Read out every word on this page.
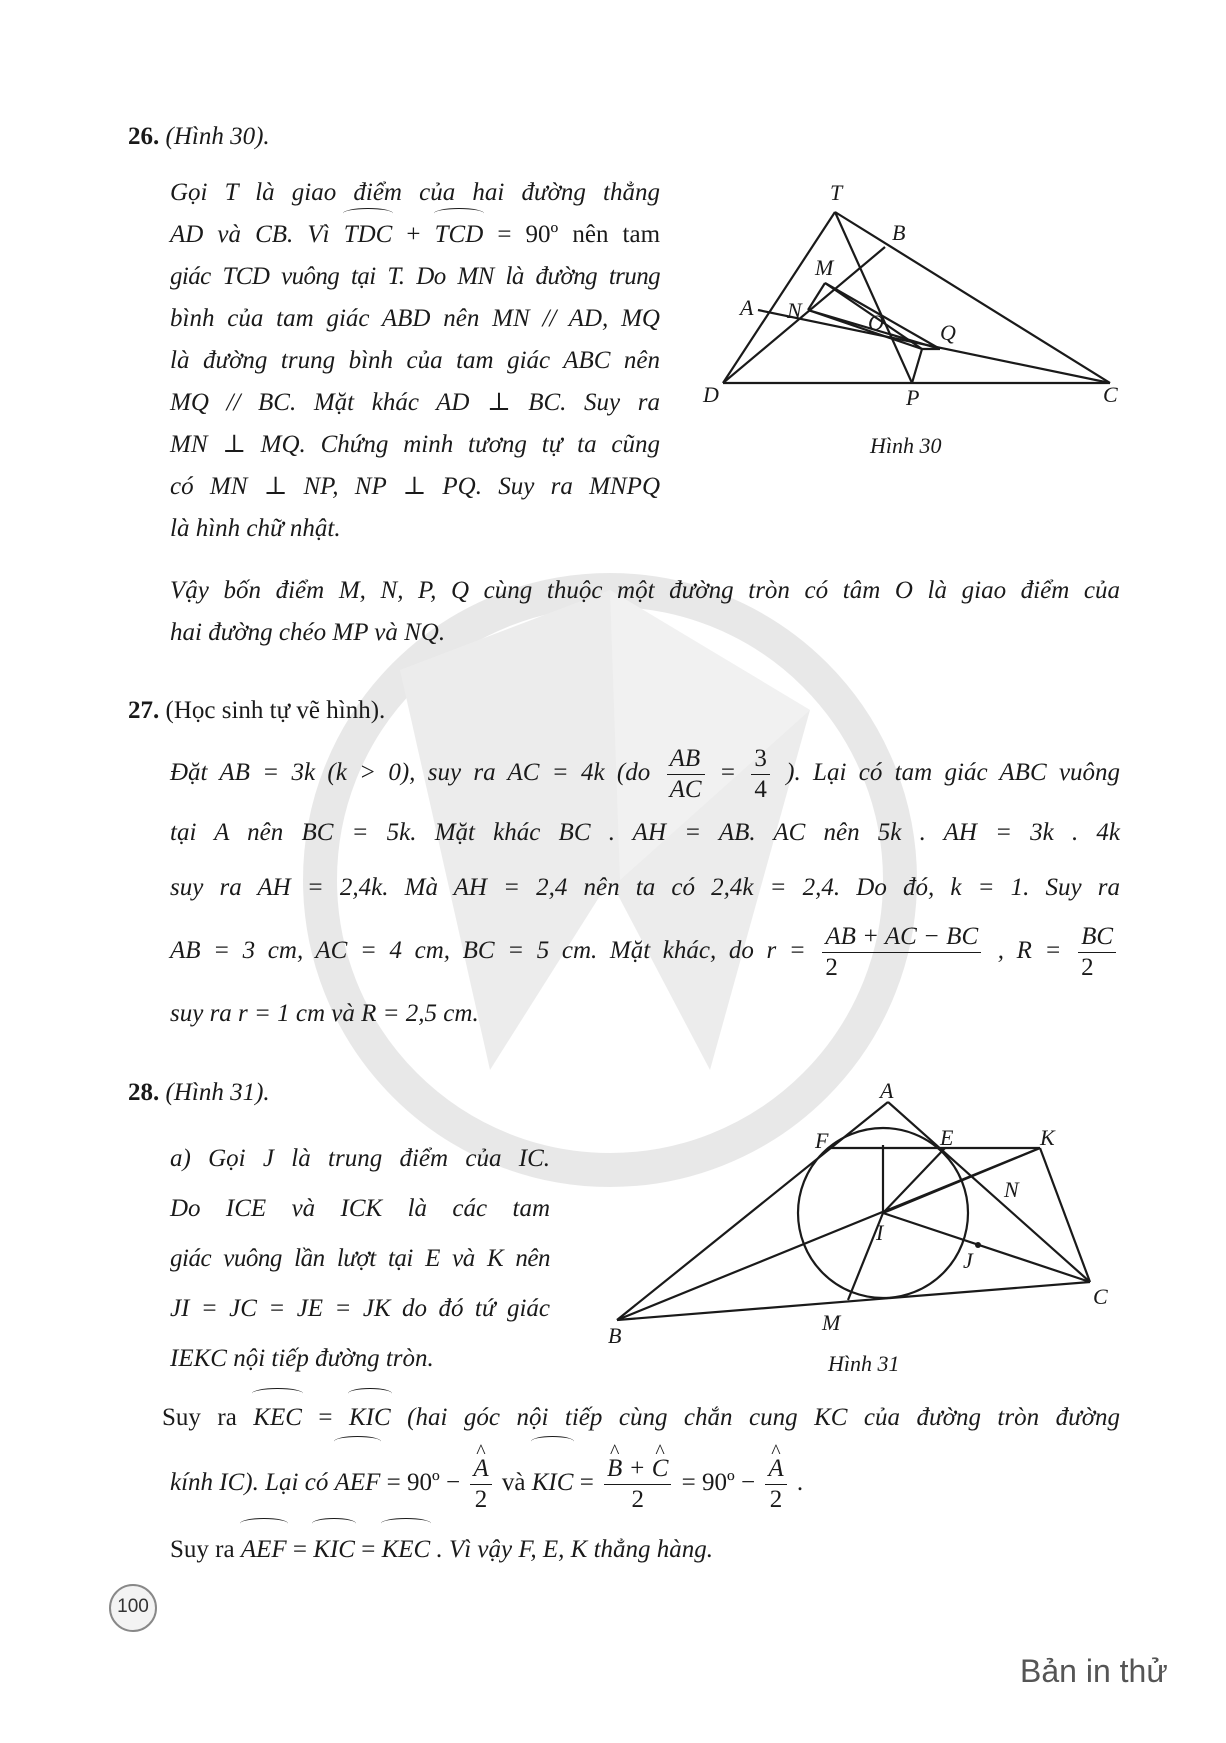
26. (Hình 30).
Gọi T là giao điểm của hai đường thẳng
AD và CB. Vì TDC + TCD = 90º nên tam
giác TCD vuông tại T. Do MN là đường trung
bình của tam giác ABD nên MN // AD, MQ
là đường trung bình của tam giác ABC nên
MQ // BC. Mặt khác AD ⊥ BC. Suy ra
MN ⊥ MQ. Chứng minh tương tự ta cũng
có MN ⊥ NP, NP ⊥ PQ. Suy ra MNPQ
là hình chữ nhật.
Vậy bốn điểm M, N, P, Q cùng thuộc một đường tròn có tâm O là giao điểm của
hai đường chéo MP và NQ.
T
B
M
A N	O	Q
D	P	C
Hình 30
27. (Học sinh tự vẽ hình).
Đặt AB = 3k (k > 0), suy ra AC = 4k ($do \frac{AB}{AC} = \frac{3}{4}$ ). Lại có tam giác ABC vuông
tại A nên BC = 5k. Mặt khác BC . AH = AB. AC nên 5k . AH = 3k . 4k
suy ra AH = 2,4k. Mà AH = 2,4 nên ta có 2,4k = 2,4. Do đó, k = 1. Suy ra
AB = 3 cm, AC = 4 cm, BC = 5 cm. Mặt khác, do $r = \frac{AB + AC - BC}{2}$ , $R = \frac{BC}{2}$
suy ra r = 1 cm và R = 2,5 cm.
28. (Hình 31).
a) Gọi J là trung điểm của IC.
Do ICE và ICK là các tam
giác vuông lần lượt tại E và K nên
JI = JC = JE = JK do đó tứ giác
IEKC nội tiếp đường tròn.
A
F	E	K
N
I
J
C
M
B
Hình 31
Suy ra KEC = KIC (hai góc nội tiếp cùng chắn cung KC của đường tròn đường
kính IC). Lại có AEF = 90º − ^ $\frac{A}{2}$ và KIC = ^ $\frac{B + \^{} C}{2}$ = 90º − ^ $\frac{A}{2}$ .
Suy ra AEF = KIC = KEC . Vì vậy F, E, K thẳng hàng.
100
Bản in thử
